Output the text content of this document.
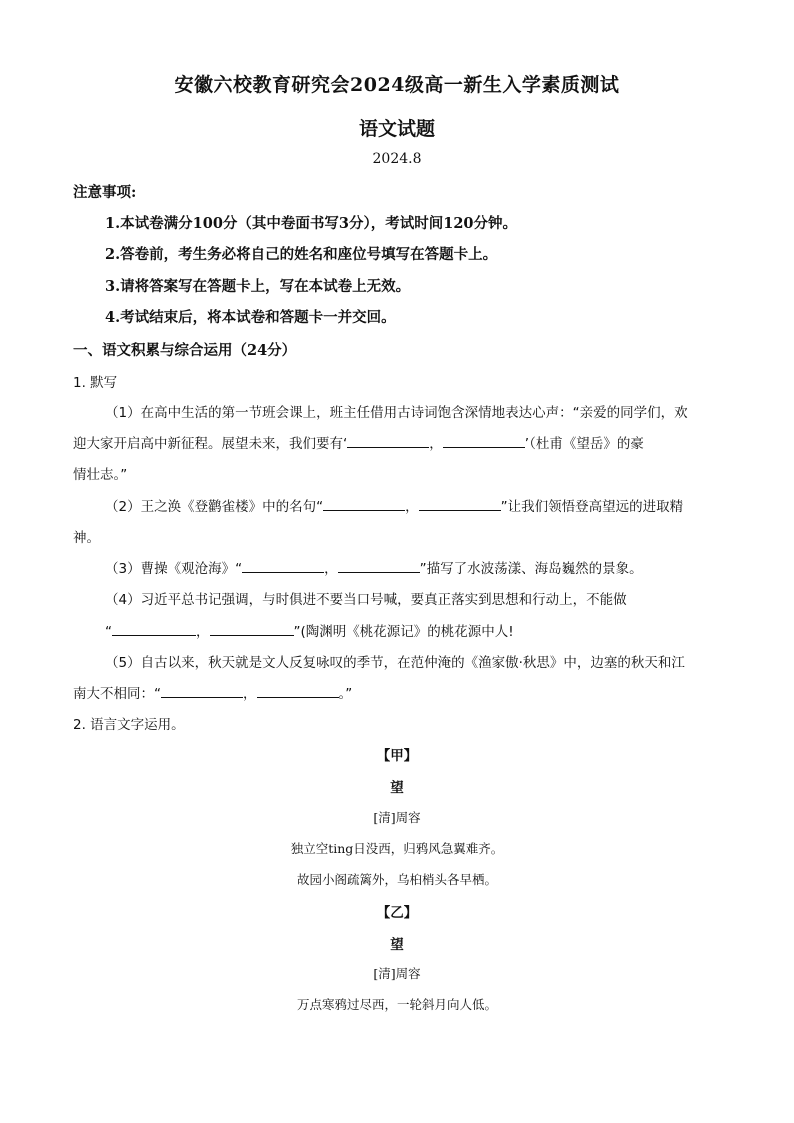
安徽六校教育研究会2024级高一新生入学素质测试
语文试题
2024.8
注意事项:
1.本试卷满分100分（其中卷面书写3分），考试时间120分钟。
2.答卷前，考生务必将自己的姓名和座位号填写在答题卡上。
3.请将答案写在答题卡上，写在本试卷上无效。
4.考试结束后，将本试卷和答题卡一并交回。
一、语文积累与综合运用（24分）
1. 默写
（1）在高中生活的第一节班会课上，班主任借用古诗词饱含深情地表达心声：“亲爱的同学们，欢
迎大家开启高中新征程。展望未来，我们要有‘	，	’（杜甫《望岳》的豪
情壮志。”
（2）王之涣《登鹳雀楼》中的名句“	，	”让我们领悟登高望远的进取精
神。
（3）曹操《观沧海》“	，	”描写了水波荡漾、海岛巍然的景象。
（4）习近平总书记强调，与时俱进不要当口号喊，要真正落实到思想和行动上，不能做
“	，	”(陶渊明《桃花源记》的桃花源中人!
（5）自古以来，秋天就是文人反复咏叹的季节，在范仲淹的《渔家傲·秋思》中，边塞的秋天和江
南大不相同：“	，	。”
2. 语言文字运用。
【甲】
望
[清]周容
独立空ting日没西，归鸦风急翼难齐。
故园小阁疏篱外，乌桕梢头各早栖。
【乙】
望
[清]周容
万点寒鸦过尽西，一轮斜月向人低。
